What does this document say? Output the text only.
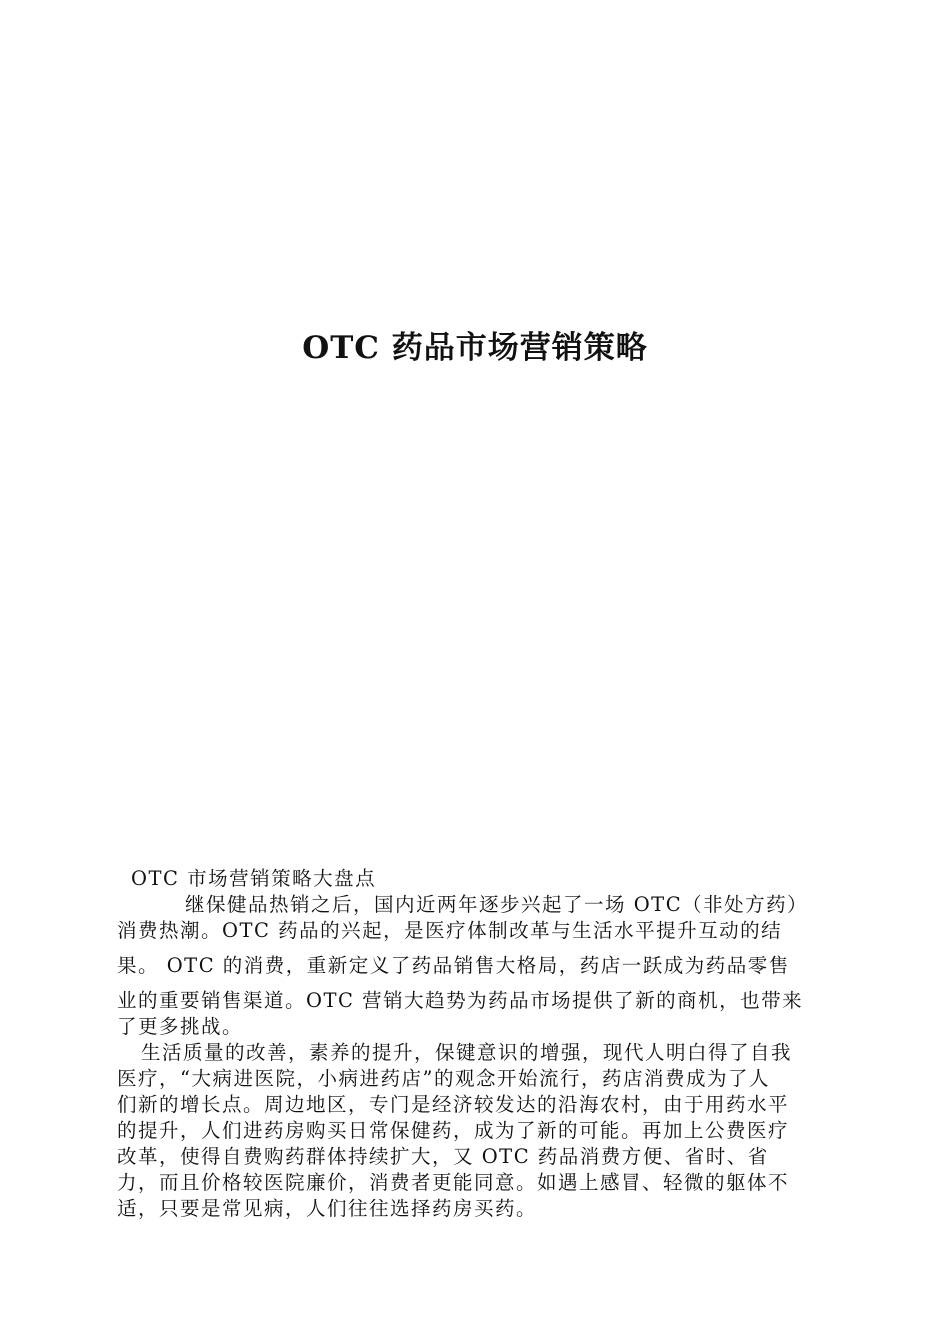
OTC 药品市场营销策略
OTC 市场营销策略大盘点
继保健品热销之后，国内近两年逐步兴起了一场 OTC（非处方药）
消费热潮。OTC 药品的兴起，是医疗体制改革与生活水平提升互动的结
果。 OTC 的消费，重新定义了药品销售大格局，药店一跃成为药品零售
业的重要销售渠道。OTC 营销大趋势为药品市场提供了新的商机，也带来
了更多挑战。
生活质量的改善，素养的提升，保键意识的增强，现代人明白得了自我
医疗，“大病进医院，小病进药店”的观念开始流行，药店消费成为了人
们新的增长点。周边地区，专门是经济较发达的沿海农村，由于用药水平
的提升，人们进药房购买日常保健药，成为了新的可能。再加上公费医疗
改革，使得自费购药群体持续扩大，又 OTC 药品消费方便、省时、省
力，而且价格较医院廉价，消费者更能同意。如遇上感冒、轻微的躯体不
适，只要是常见病，人们往往选择药房买药。
